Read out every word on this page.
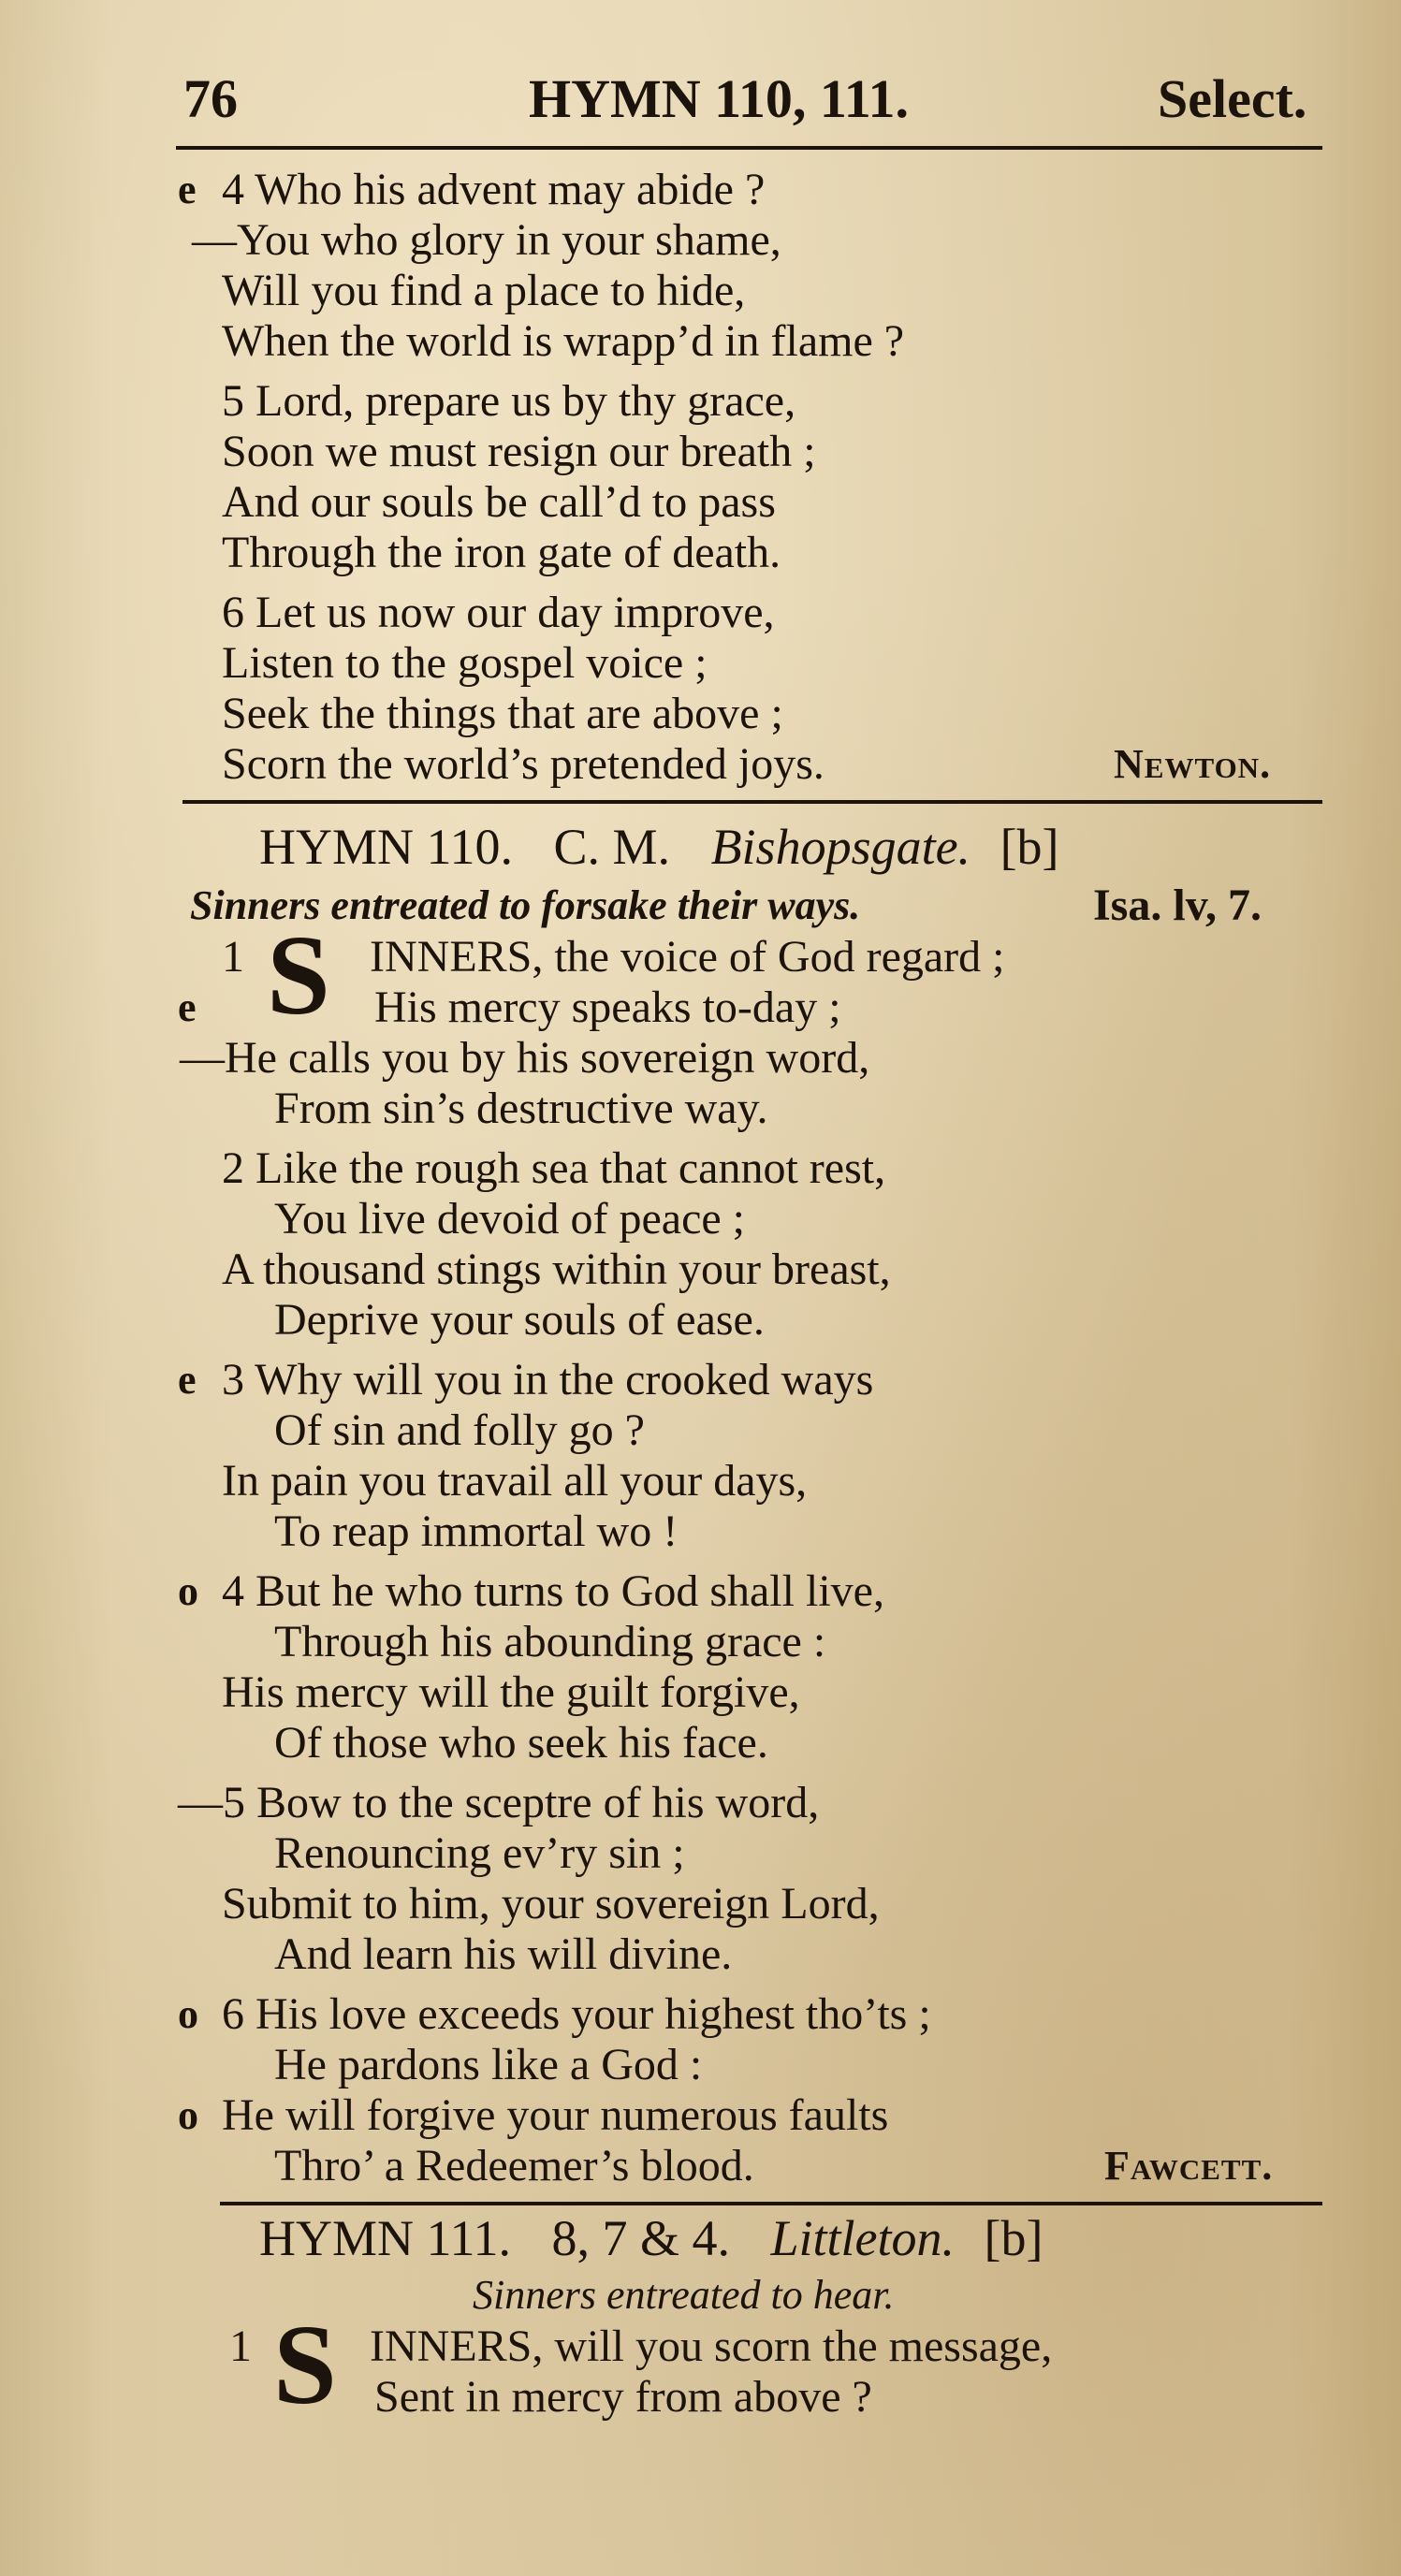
76	HYMN 110, 111.	Select.
e 4 Who his advent may abide ?
—You who glory in your shame,
Will you find a place to hide,
When the world is wrapp’d in flame ?
5 Lord, prepare us by thy grace,
Soon we must resign our breath ;
And our souls be call’d to pass
Through the iron gate of death.
6 Let us now our day improve,
Listen to the gospel voice ;
Seek the things that are above ;
Scorn the world’s pretended joys.	Newton.
HYMN 110. C. M. Bishopsgate. [b]
Sinners entreated to forsake their ways.	Isa. lv, 7.
1 S INNERS, the voice of God regard ;
e	His mercy speaks to-day ;
—He calls you by his sovereign word,
From sin’s destructive way.
2 Like the rough sea that cannot rest,
You live devoid of peace ;
A thousand stings within your breast,
Deprive your souls of ease.
e 3 Why will you in the crooked ways
Of sin and folly go ?
In pain you travail all your days,
To reap immortal wo !
o 4 But he who turns to God shall live,
Through his abounding grace :
His mercy will the guilt forgive,
Of those who seek his face.
—5 Bow to the sceptre of his word,
Renouncing ev’ry sin ;
Submit to him, your sovereign Lord,
And learn his will divine.
o 6 His love exceeds your highest tho’ts ;
He pardons like a God :
o He will forgive your numerous faults
Thro’ a Redeemer’s blood.	Fawcett.
HYMN 111. 8, 7 & 4. Littleton. [b]
Sinners entreated to hear.
1 S INNERS, will you scorn the message,
Sent in mercy from above ?
